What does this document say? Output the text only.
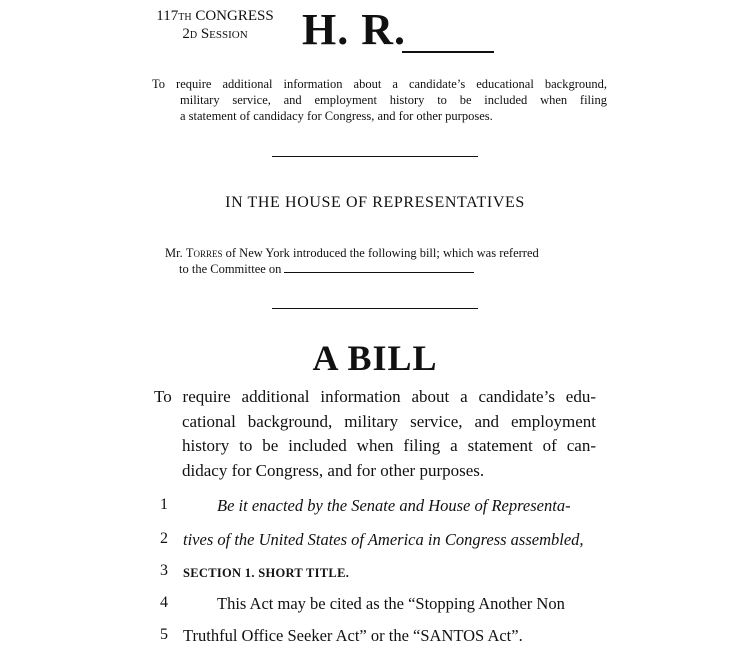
117TH CONGRESS
2D Session	H. R.
To require additional information about a candidate’s educational background,
military service, and employment history to be included when filing
a statement of candidacy for Congress, and for other purposes.
IN THE HOUSE OF REPRESENTATIVES
Mr. Torres of New York introduced the following bill; which was referred
to the Committee on
A BILL
To require additional information about a candidate’s edu-
cational background, military service, and employment
history to be included when filing a statement of can-
didacy for Congress, and for other purposes.
1	Be it enacted by the Senate and House of Representa-
2 tives of the United States of America in Congress assembled,
3	SECTION 1. SHORT TITLE.
4	This Act may be cited as the “Stopping Another Non
5 Truthful Office Seeker Act” or the “SANTOS Act”.
